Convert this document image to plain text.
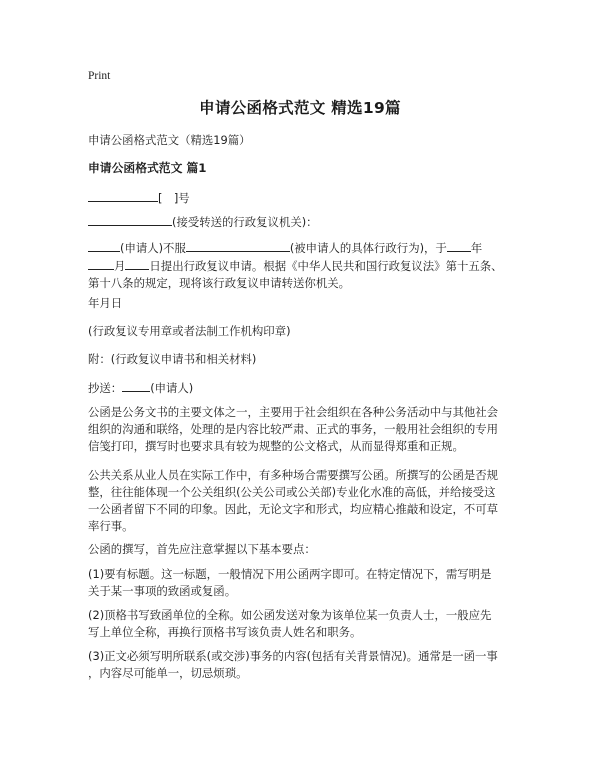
Print
申请公函格式范文 精选19篇

申请公函格式范文（精选19篇）

申请公函格式范文 篇1

[　]号

(接受转送的行政复议机关)：

(申请人)不服	(被申请人的具体行政行为)，于 年
月 日提出行政复议申请。根据《中华人民共和国行政复议法》第十五条、
第十八条的规定，现将该行政复议申请转送你机关。

年月日

(行政复议专用章或者法制工作机构印章)

附：(行政复议申请书和相关材料)

抄送： (申请人)

公函是公务文书的主要文体之一，主要用于社会组织在各种公务活动中与其他社会
组织的沟通和联络，处理的是内容比较严肃、正式的事务，一般用社会组织的专用
信笺打印，撰写时也要求具有较为规整的公文格式，从而显得郑重和正规。

公共关系从业人员在实际工作中，有多种场合需要撰写公函。所撰写的公函是否规
整，往往能体现一个公关组织(公关公司或公关部)专业化水准的高低，并给接受这
一公函者留下不同的印象。因此，无论文字和形式，均应精心推敲和设定，不可草
率行事。

公函的撰写，首先应注意掌握以下基本要点：

(1)要有标题。这一标题，一般情况下用公函两字即可。在特定情况下，需写明是
关于某一事项的致函或复函。

(2)顶格书写致函单位的全称。如公函发送对象为该单位某一负责人士，一般应先
写上单位全称，再换行顶格书写该负责人姓名和职务。

(3)正文必须写明所联系(或交涉)事务的内容(包括有关背景情况)。通常是一函一事
，内容尽可能单一，切忌烦琐。
